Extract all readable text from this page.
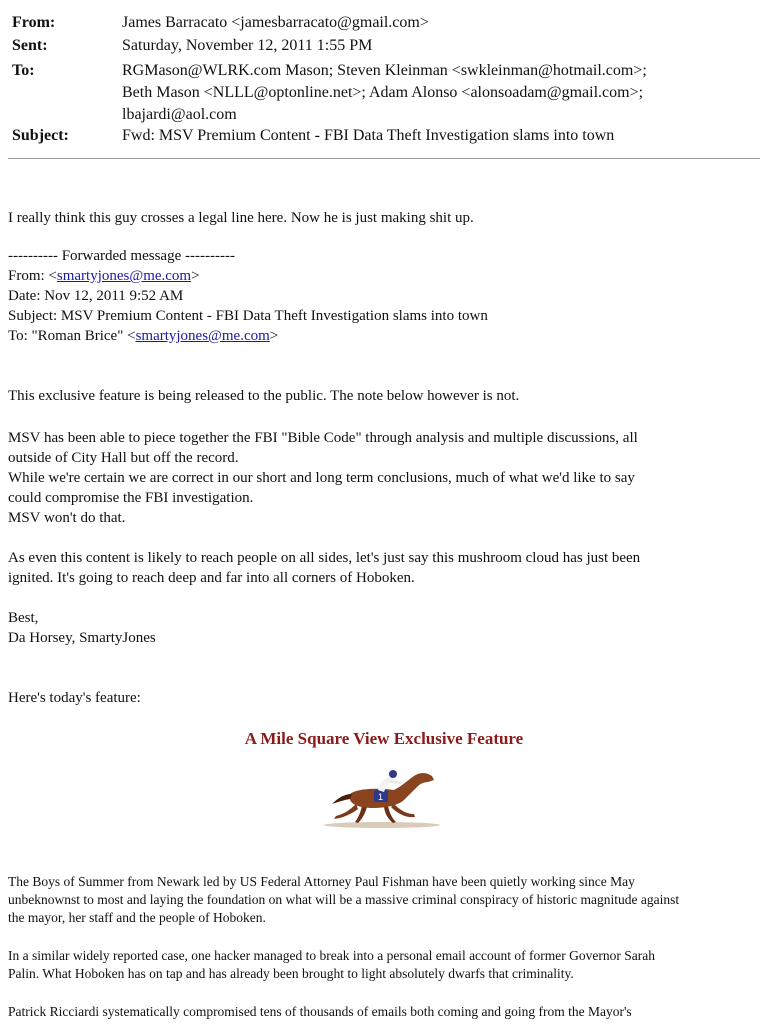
From:	James Barracato <jamesbarracato@gmail.com>
Sent:	Saturday, November 12, 2011 1:55 PM
To:	RGMason@WLRK.com Mason; Steven Kleinman <swkleinman@hotmail.com>;
Beth Mason <NLLL@optonline.net>; Adam Alonso <alonsoadam@gmail.com>;
lbajardi@aol.com
Subject:	Fwd: MSV Premium Content - FBI Data Theft Investigation slams into town
I really think this guy crosses a legal line here. Now he is just making shit up.
---------- Forwarded message ----------
From: <smartyjones@me.com>
Date: Nov 12, 2011 9:52 AM
Subject: MSV Premium Content - FBI Data Theft Investigation slams into town
To: "Roman Brice" <smartyjones@me.com>
This exclusive feature is being released to the public. The note below however is not.
MSV has been able to piece together the FBI "Bible Code" through analysis and multiple discussions, all
outside of City Hall but off the record.
While we're certain we are correct in our short and long term conclusions, much of what we'd like to say
could compromise the FBI investigation.
MSV won't do that.
As even this content is likely to reach people on all sides, let's just say this mushroom cloud has just been
ignited. It's going to reach deep and far into all corners of Hoboken.
Best,
Da Horsey, SmartyJones
Here's today's feature:
A Mile Square View Exclusive Feature
1
The Boys of Summer from Newark led by US Federal Attorney Paul Fishman have been quietly working since May
unbeknownst to most and laying the foundation on what will be a massive criminal conspiracy of historic magnitude against
the mayor, her staff and the people of Hoboken.
In a similar widely reported case, one hacker managed to break into a personal email account of former Governor Sarah
Palin. What Hoboken has on tap and has already been brought to light absolutely dwarfs that criminality.
Patrick Ricciardi systematically compromised tens of thousands of emails both coming and going from the Mayor's
